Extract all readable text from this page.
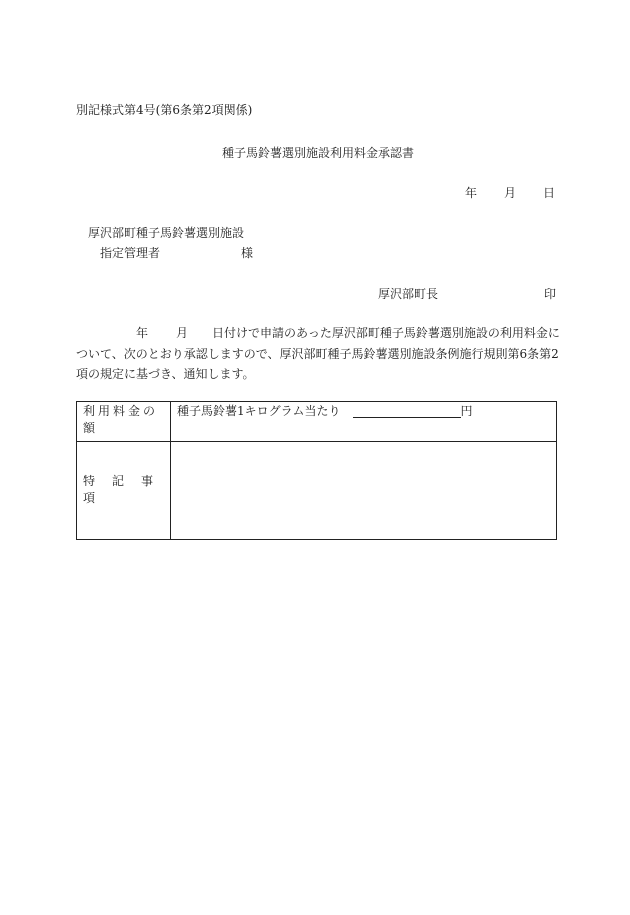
別記様式第4号(第6条第2項関係)
種子馬鈴薯選別施設利用料金承認書
年 月 日
厚沢部町種子馬鈴薯選別施設
指定管理者	様
厚沢部町長	印
年 月 日付けで申請のあった厚沢部町種子馬鈴薯選別施設の利用料金に
ついて、次のとおり承認しますので、厚沢部町種子馬鈴薯選別施設条例施行規則第6条第2
項の規定に基づき、通知します。
利用料金の額	種子馬鈴薯1キログラム当たり 円

特記事項	
